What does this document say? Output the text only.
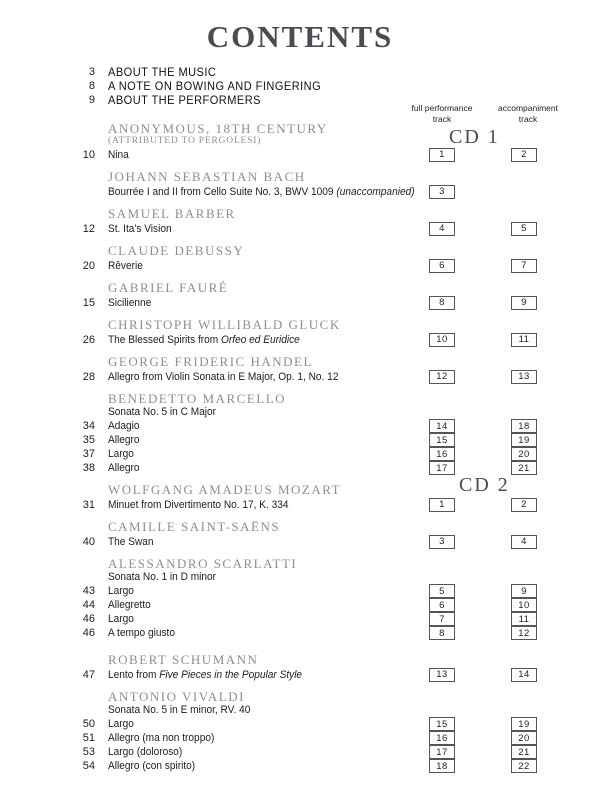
CONTENTS
full performance
track
accompaniment
track
CD 1
CD 2
3 ABOUT THE MUSIC
8 A NOTE ON BOWING AND FINGERING
9 ABOUT THE PERFORMERS
ANONYMOUS, 18TH CENTURY
(ATTRIBUTED TO PERGOLESI)
10 Nina	1	2
JOHANN SEBASTIAN BACH
Bourrée I and II from Cello Suite No. 3, BWV 1009 (unaccompanied)	3
SAMUEL BARBER
12 St. Ita's Vision	4	5
CLAUDE DEBUSSY
20 Rêverie	6	7
GABRIEL FAURÉ
15 Sicilienne	8	9
CHRISTOPH WILLIBALD GLUCK
26 The Blessed Spirits from Orfeo ed Euridice	10	11
GEORGE FRIDERIC HANDEL
28 Allegro from Violin Sonata in E Major, Op. 1, No. 12	12	13
BENEDETTO MARCELLO
Sonata No. 5 in C Major
34 Adagio	14	18
35 Allegro	15	19
37 Largo	16	20
38 Allegro	17	21
WOLFGANG AMADEUS MOZART
31 Minuet from Divertimento No. 17, K. 334	1	2
CAMILLE SAINT-SAËNS
40 The Swan	3	4
ALESSANDRO SCARLATTI
Sonata No. 1 in D minor
43 Largo	5	9
44 Allegretto	6	10
46 Largo	7	11
46 A tempo giusto	8	12
ROBERT SCHUMANN
47 Lento from Five Pieces in the Popular Style	13	14
ANTONIO VIVALDI
Sonata No. 5 in E minor, RV. 40
50 Largo	15	19
51 Allegro (ma non troppo)	16	20
53 Largo (doloroso)	17	21
54 Allegro (con spirito)	18	22
